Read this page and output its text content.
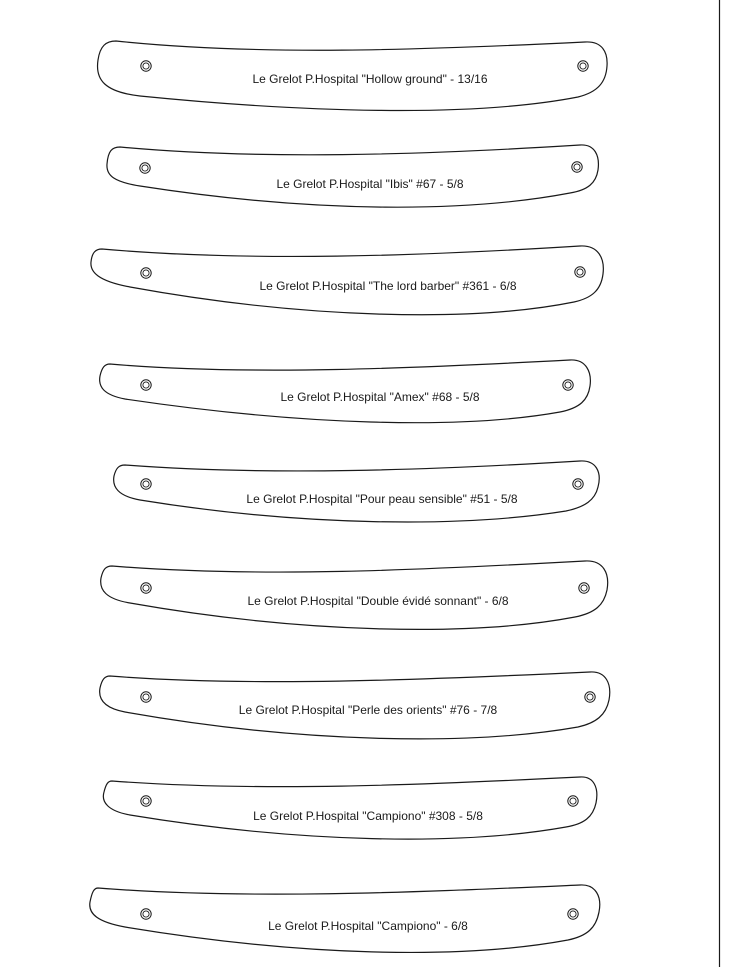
Le Grelot P.Hospital "Hollow ground" - 13/16
Le Grelot P.Hospital "Ibis" #67 - 5/8
Le Grelot P.Hospital "The lord barber" #361 - 6/8
Le Grelot P.Hospital "Amex" #68 - 5/8
Le Grelot P.Hospital "Pour peau sensible" #51 - 5/8
Le Grelot P.Hospital "Double évidé sonnant" - 6/8
Le Grelot P.Hospital "Perle des orients" #76 - 7/8
Le Grelot P.Hospital "Campiono" #308 - 5/8
Le Grelot P.Hospital "Campiono" - 6/8
